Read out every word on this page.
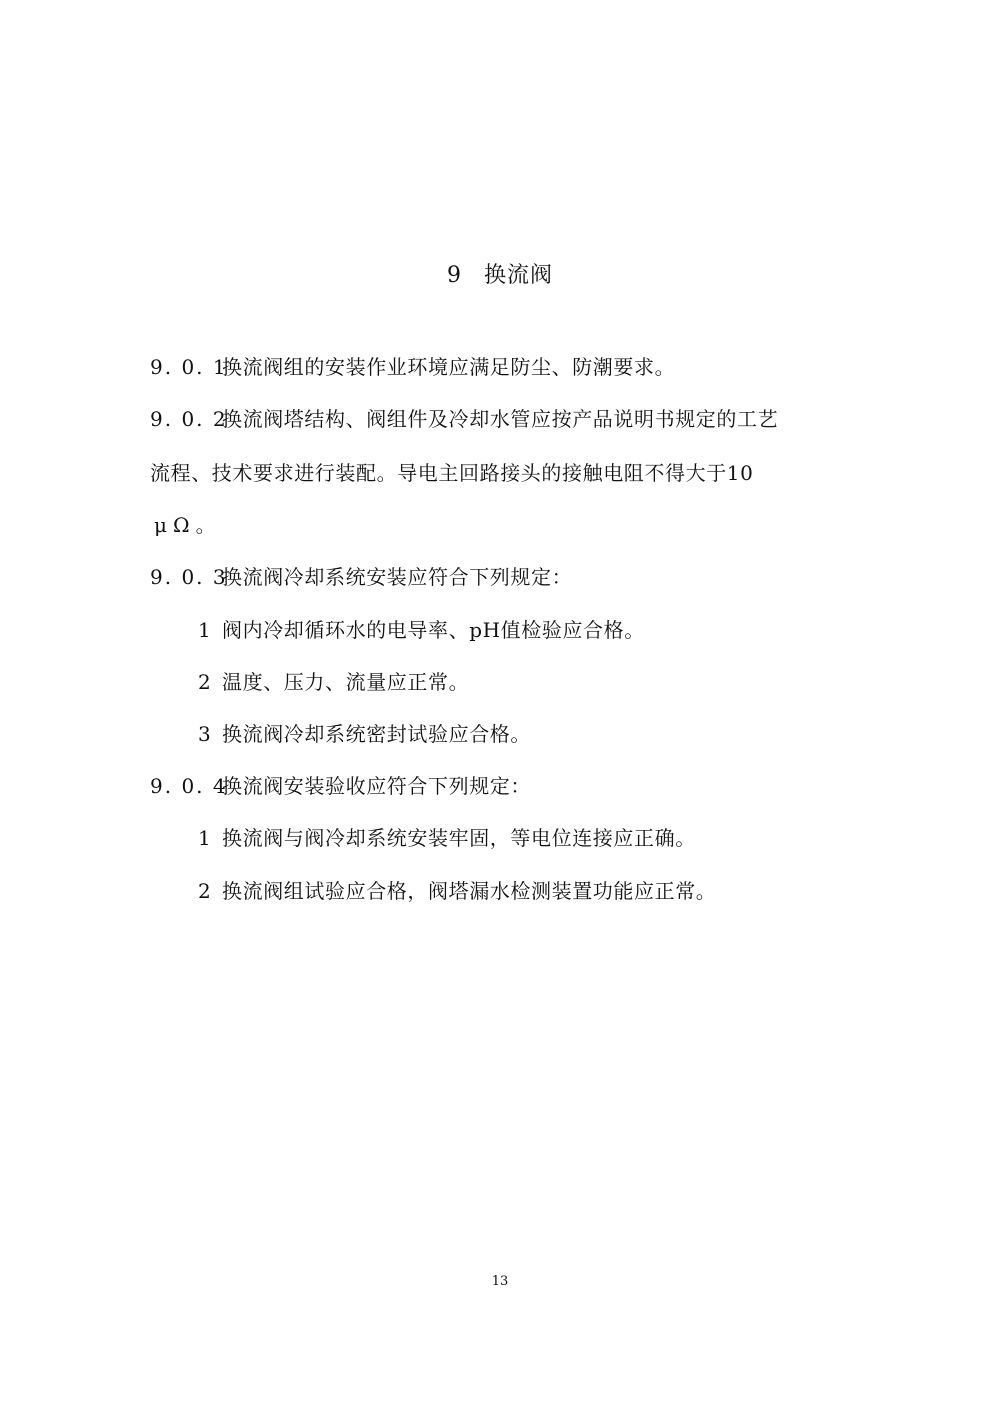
9 换流阀
9. 0. 1换流阀组的安装作业环境应满足防尘、防潮要求。
9. 0. 2换流阀塔结构、阀组件及冷却水管应按产品说明书规定的工艺
流程、技术要求进行装配。导电主回路接头的接触电阻不得大于10
μΩ。
9. 0. 3换流阀冷却系统安装应符合下列规定：
1 阀内冷却循环水的电导率、pH值检验应合格。
2 温度、压力、流量应正常。
3 换流阀冷却系统密封试验应合格。
9. 0. 4换流阀安装验收应符合下列规定：
1 换流阀与阀冷却系统安装牢固，等电位连接应正确。
2 换流阀组试验应合格，阀塔漏水检测装置功能应正常。
13
